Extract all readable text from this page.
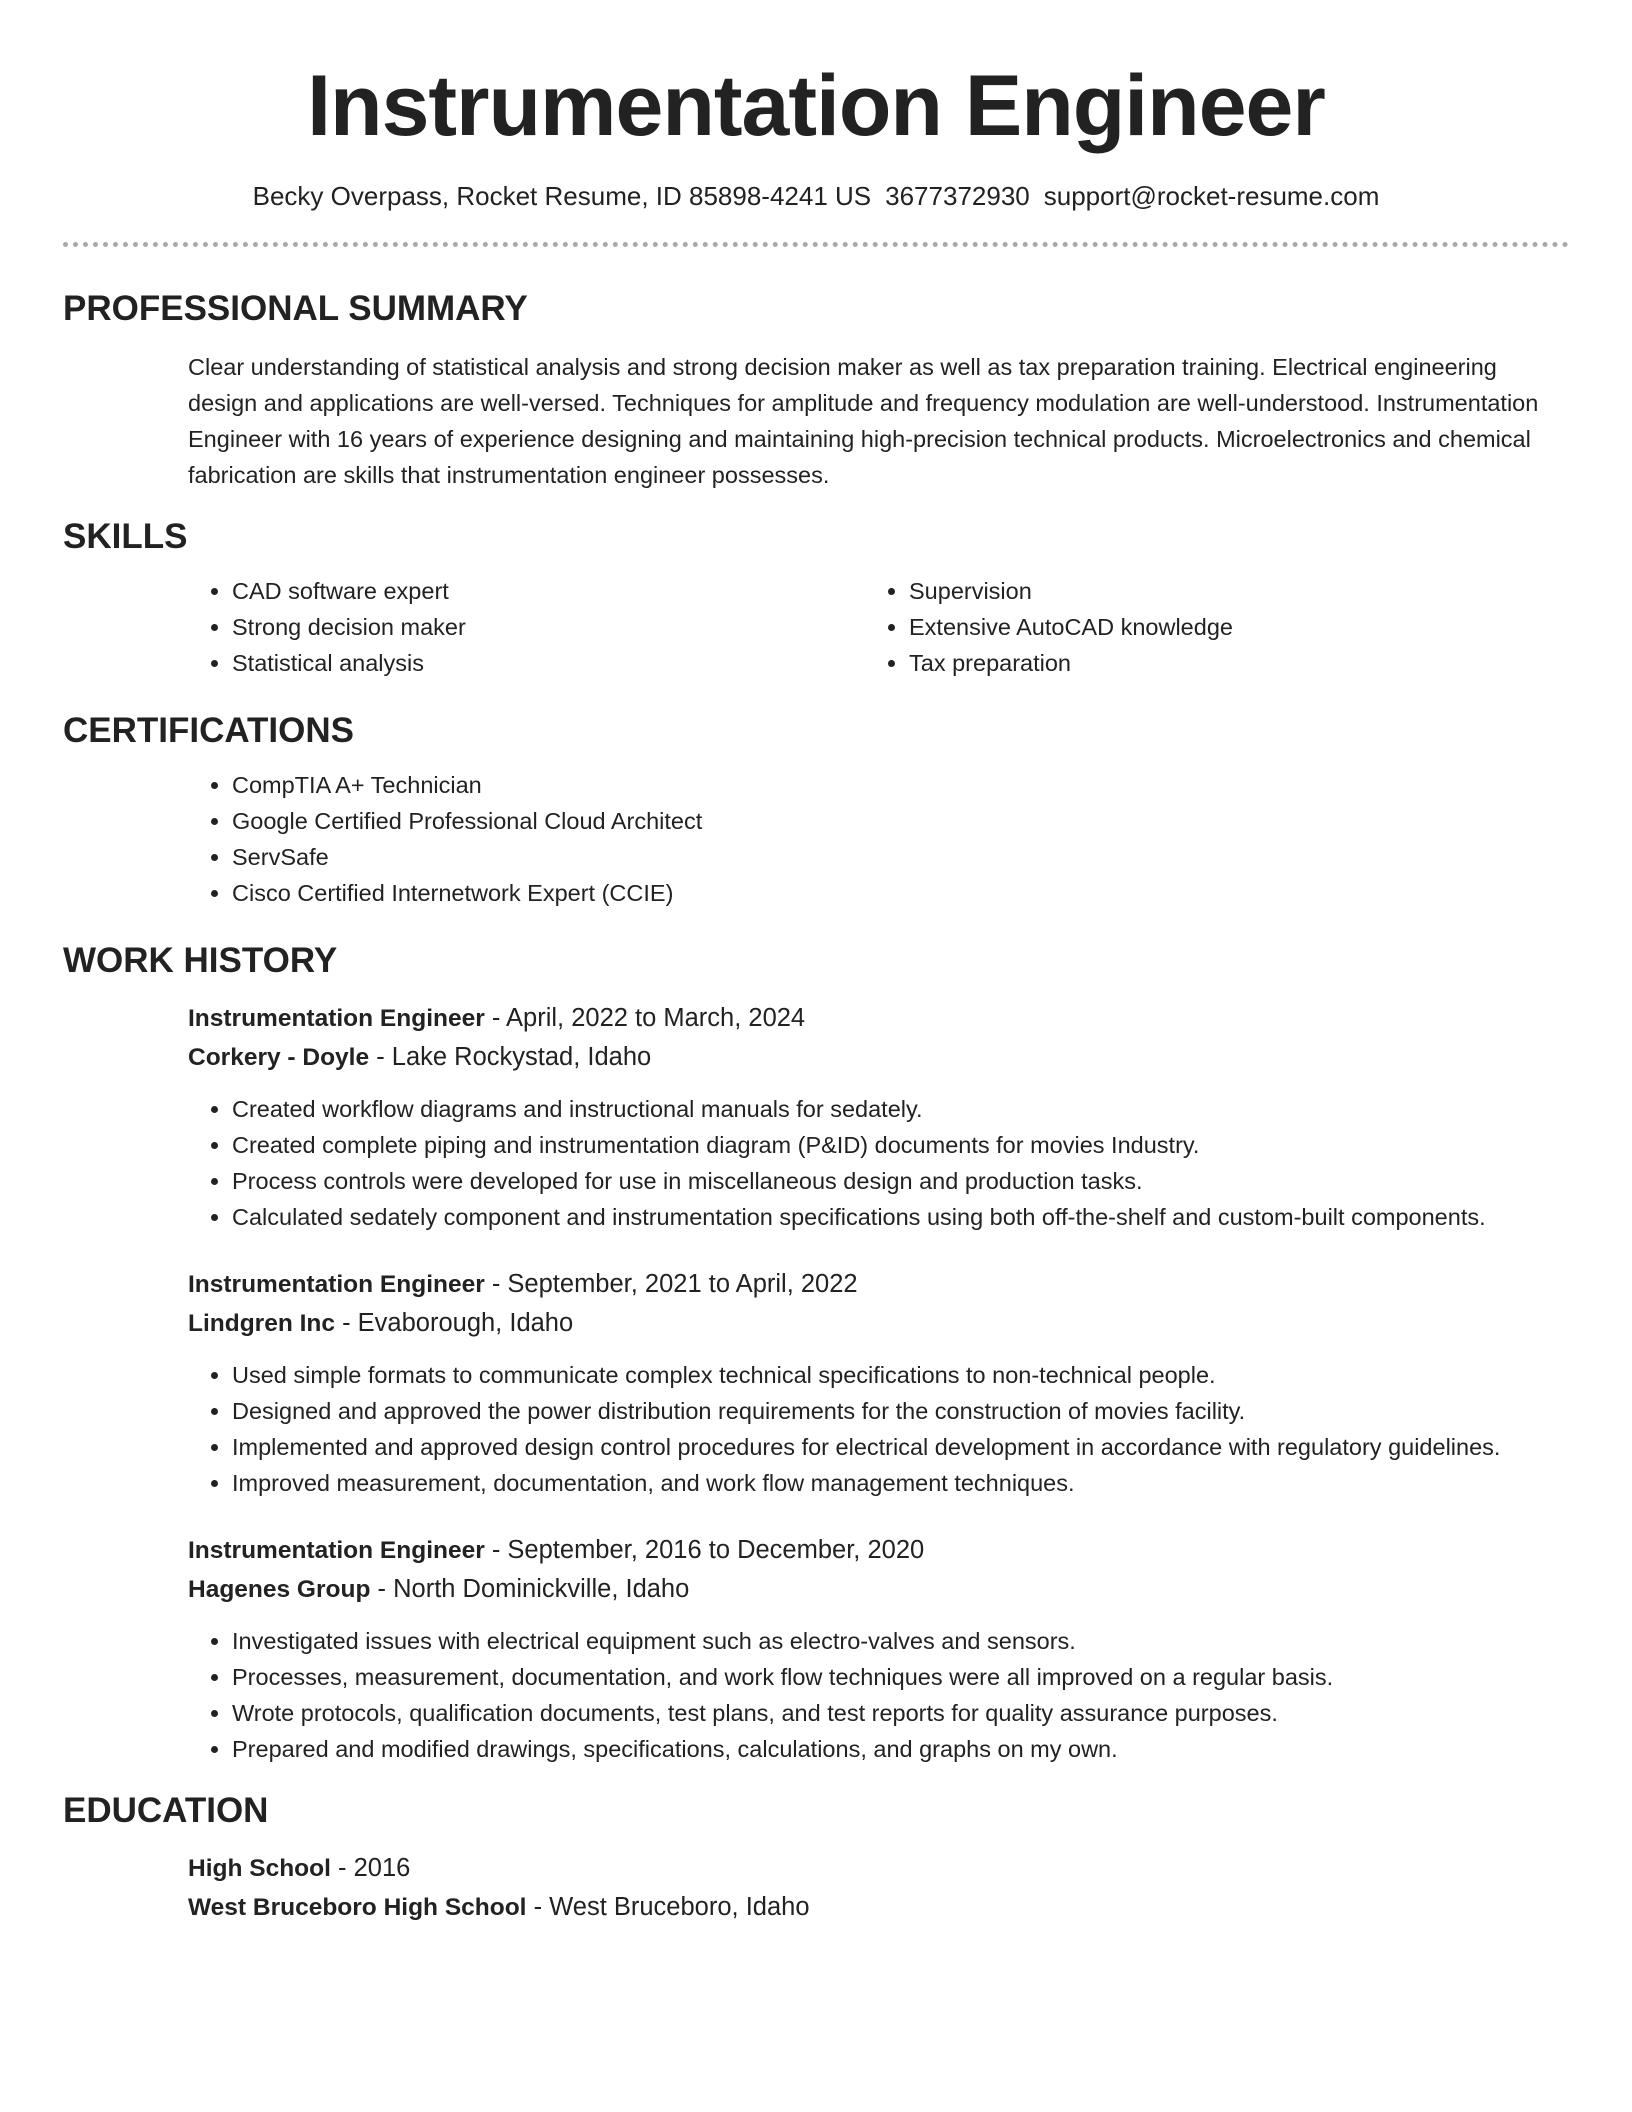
Instrumentation Engineer
Becky Overpass, Rocket Resume, ID 85898-4241 US 3677372930 support@rocket-resume.com
PROFESSIONAL SUMMARY

Clear understanding of statistical analysis and strong decision maker as well as tax preparation training. Electrical engineering design and applications are well-versed. Techniques for amplitude and frequency modulation are well-understood. Instrumentation Engineer with 16 years of experience designing and maintaining high-precision technical products. Microelectronics and chemical fabrication are skills that instrumentation engineer possesses.

SKILLS
• CAD software expert
• Strong decision maker
• Statistical analysis
• Supervision
• Extensive AutoCAD knowledge
• Tax preparation
CERTIFICATIONS
• CompTIA A+ Technician
• Google Certified Professional Cloud Architect
• ServSafe
• Cisco Certified Internetwork Expert (CCIE)
WORK HISTORY
Instrumentation Engineer - April, 2022 to March, 2024
Corkery - Doyle - Lake Rockystad, Idaho
• Created workflow diagrams and instructional manuals for sedately.
• Created complete piping and instrumentation diagram (P&ID) documents for movies Industry.
• Process controls were developed for use in miscellaneous design and production tasks.
• Calculated sedately component and instrumentation specifications using both off-the-shelf and custom-built components.
Instrumentation Engineer - September, 2021 to April, 2022
Lindgren Inc - Evaborough, Idaho
• Used simple formats to communicate complex technical specifications to non-technical people.
• Designed and approved the power distribution requirements for the construction of movies facility.
• Implemented and approved design control procedures for electrical development in accordance with regulatory guidelines.
• Improved measurement, documentation, and work flow management techniques.
Instrumentation Engineer - September, 2016 to December, 2020
Hagenes Group - North Dominickville, Idaho
• Investigated issues with electrical equipment such as electro-valves and sensors.
• Processes, measurement, documentation, and work flow techniques were all improved on a regular basis.
• Wrote protocols, qualification documents, test plans, and test reports for quality assurance purposes.
• Prepared and modified drawings, specifications, calculations, and graphs on my own.
EDUCATION
High School - 2016
West Bruceboro High School - West Bruceboro, Idaho
